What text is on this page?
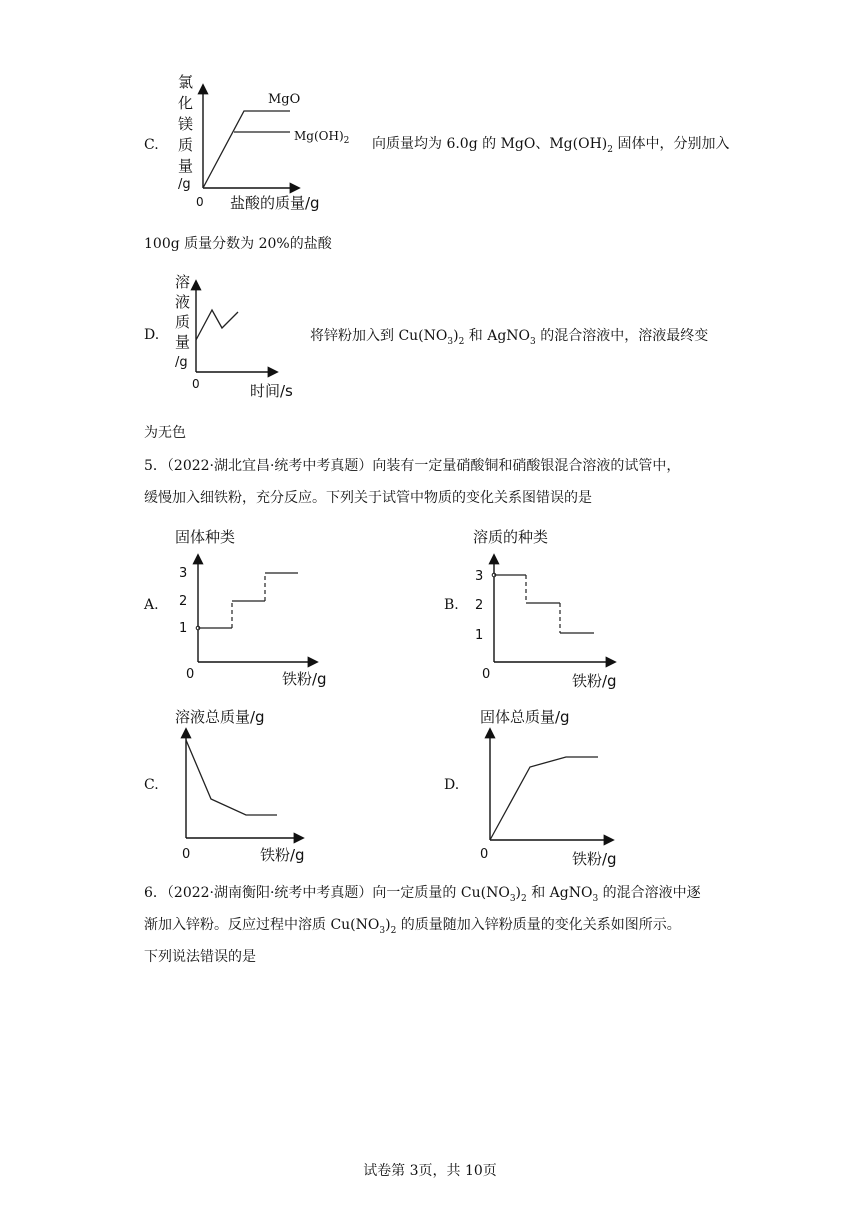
C.
氯
化
镁
质
量
/g
MgO
$Mg(OH)_2$
0 盐酸的质量/g
向质量均为 6.0g 的 MgO、$Mg(OH)_2$ 固体中，分别加入
100g 质量分数为 20%的盐酸
D.
溶
液
质
量
/g
0	时间/s
将锌粉加入到 $Cu(NO_3)_2$ 和 AgNO$_3$ 的混合溶液中，溶液最终变
为无色
5．（2022·湖北宜昌·统考中考真题）向装有一定量硝酸铜和硝酸银混合溶液的试管中，
缓慢加入细铁粉，充分反应。下列关于试管中物质的变化关系图错误的是
A.
固体种类
1
2
3
0	铁粉/g
B.
溶质的种类
1
2
3
0	铁粉/g
C.
溶液总质量/g
0	铁粉/g
D.
固体总质量/g
0	铁粉/g
6．（2022·湖南衡阳·统考中考真题）向一定质量的 $Cu(NO_3)_2$ 和 AgNO$_3$ 的混合溶液中逐
渐加入锌粉。反应过程中溶质 $Cu(NO_3)_2$ 的质量随加入锌粉质量的变化关系如图所示。
下列说法错误的是
试卷第 3页，共 10页
